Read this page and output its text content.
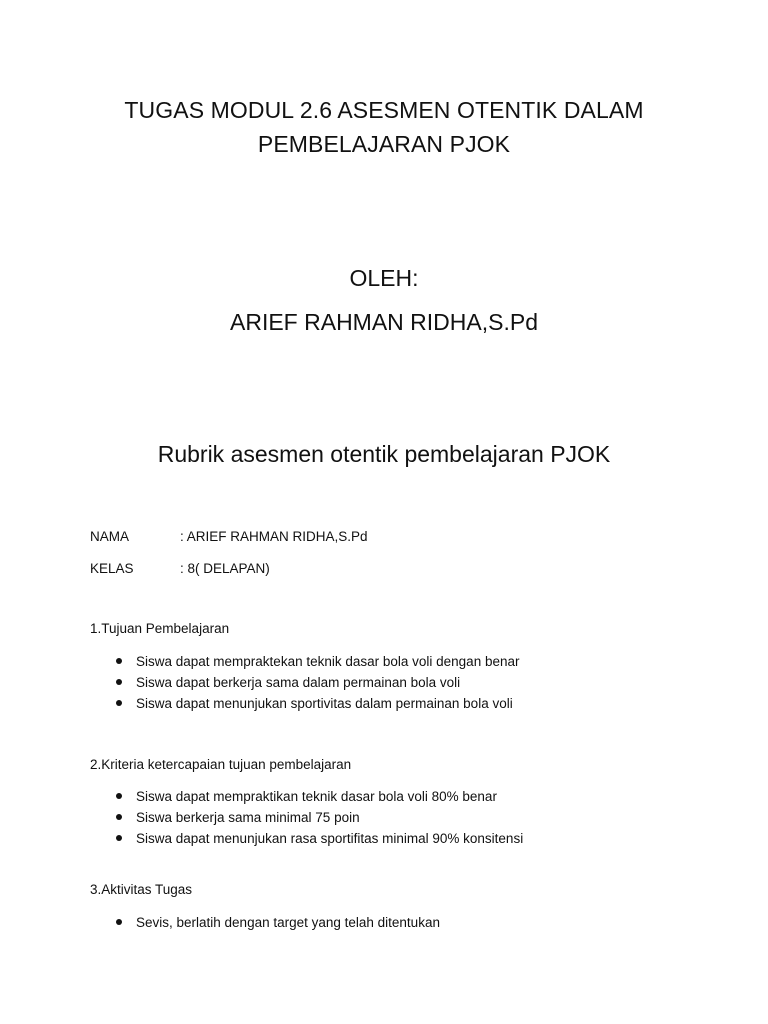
TUGAS MODUL 2.6 ASESMEN OTENTIK DALAM
PEMBELAJARAN PJOK
OLEH:
ARIEF RAHMAN RIDHA,S.Pd
Rubrik asesmen otentik pembelajaran PJOK
NAMA	: ARIEF RAHMAN RIDHA,S.Pd
KELAS	: 8( DELAPAN)
1.Tujuan Pembelajaran
Siswa dapat mempraktekan teknik dasar bola voli dengan benar
Siswa dapat berkerja sama dalam permainan bola voli
Siswa dapat menunjukan sportivitas dalam permainan bola voli
2.Kriteria ketercapaian tujuan pembelajaran
Siswa dapat mempraktikan teknik dasar bola voli 80% benar
Siswa berkerja sama minimal 75 poin
Siswa dapat menunjukan rasa sportifitas minimal 90% konsitensi
3.Aktivitas Tugas
Sevis, berlatih dengan target yang telah ditentukan
